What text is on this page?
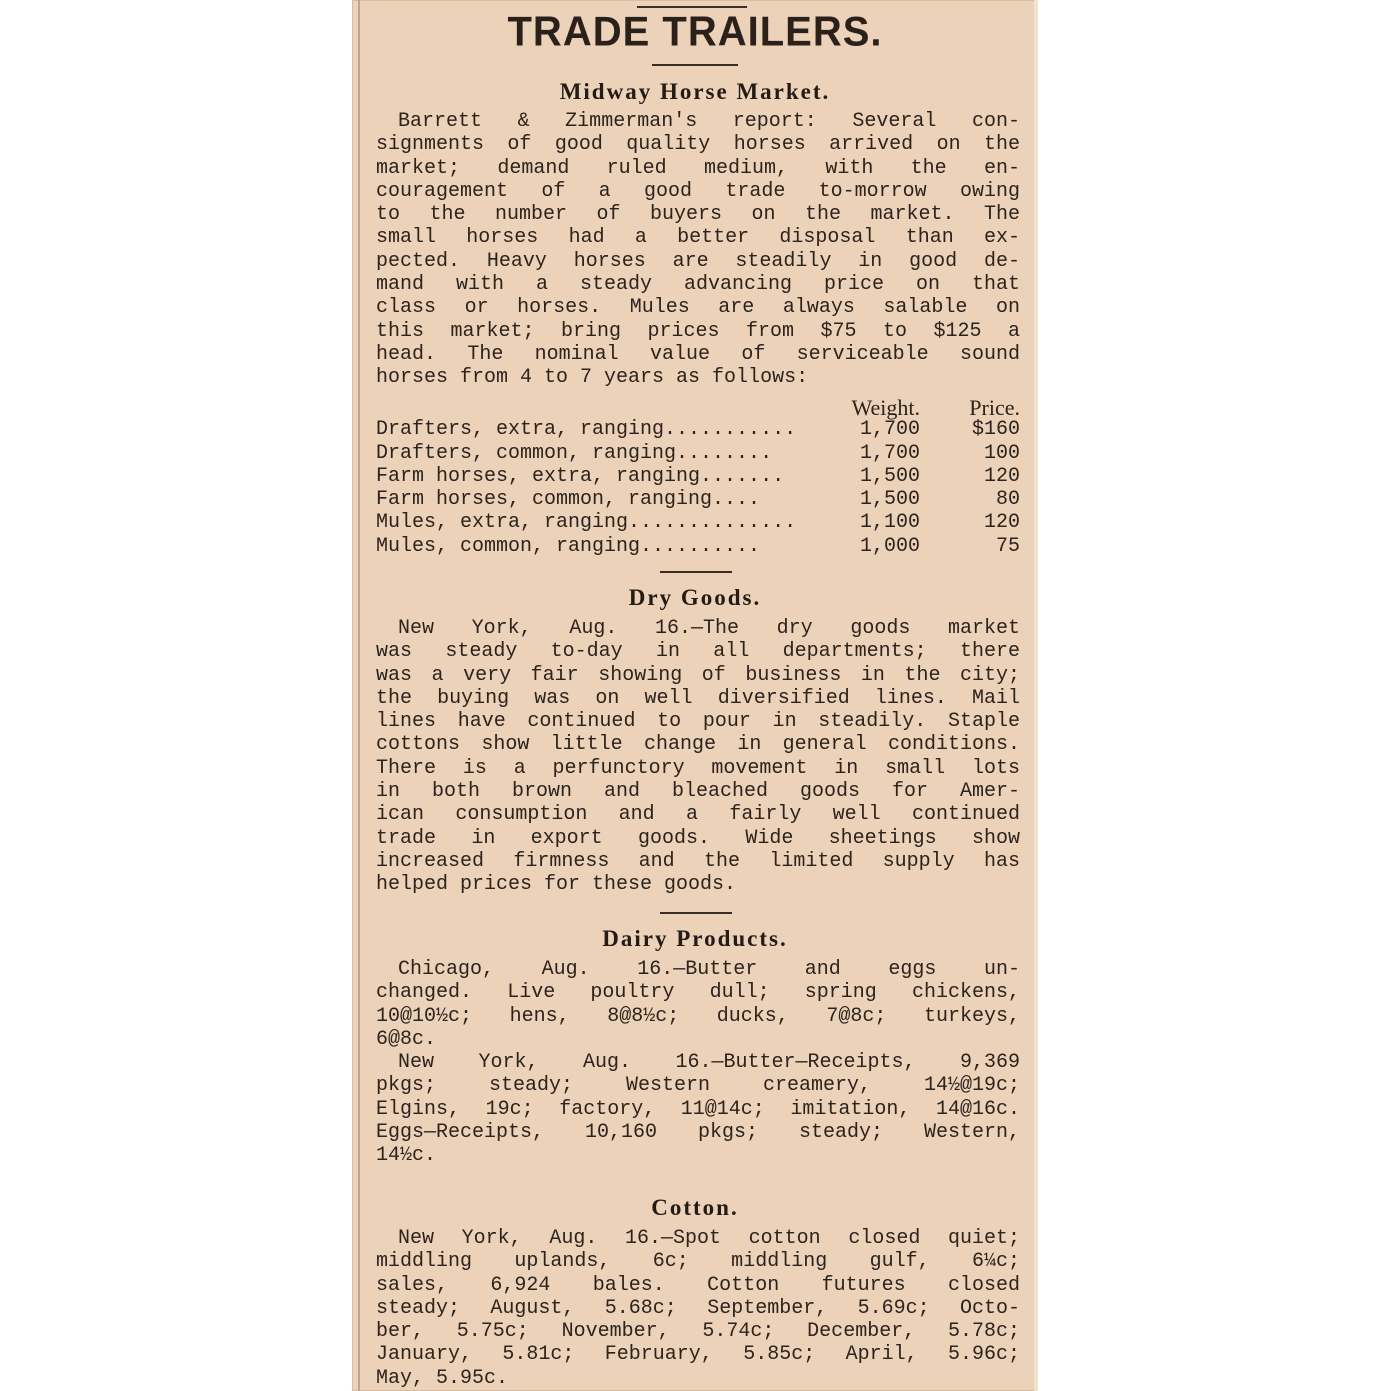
TRADE TRAILERS.
Midway Horse Market.
Barrett & Zimmerman's report: Several con-
signments of good quality horses arrived on the
market; demand ruled medium, with the en-
couragement of a good trade to-morrow owing
to the number of buyers on the market. The
small horses had a better disposal than ex-
pected. Heavy horses are steadily in good de-
mand with a steady advancing price on that
class or horses. Mules are always salable on
this market; bring prices from $75 to $125 a
head. The nominal value of serviceable sound
horses from 4 to 7 years as follows:
Weight. Price.
Drafters, extra, ranging...........	1,700	$160
Drafters, common, ranging........	1,700	100
Farm horses, extra, ranging.......	1,500	120
Farm horses, common, ranging....	1,500	80
Mules, extra, ranging..............	1,100	120
Mules, common, ranging..........	1,000	75
Dry Goods.
New York, Aug. 16.—The dry goods market
was steady to-day in all departments; there
was a very fair showing of business in the city;
the buying was on well diversified lines. Mail
lines have continued to pour in steadily. Staple
cottons show little change in general conditions.
There is a perfunctory movement in small lots
in both brown and bleached goods for Amer-
ican consumption and a fairly well continued
trade in export goods. Wide sheetings show
increased firmness and the limited supply has
helped prices for these goods.
Dairy Products.
Chicago, Aug. 16.—Butter and eggs un-
changed. Live poultry dull; spring chickens,
10@10½c; hens, 8@8½c; ducks, 7@8c; turkeys,
6@8c.
New York, Aug. 16.—Butter—Receipts, 9,369
pkgs; steady; Western creamery, 14½@19c;
Elgins, 19c; factory, 11@14c; imitation, 14@16c.
Eggs—Receipts, 10,160 pkgs; steady; Western,
14½c.
Cotton.
New York, Aug. 16.—Spot cotton closed quiet;
middling uplands, 6c; middling gulf, 6¼c;
sales, 6,924 bales. Cotton futures closed
steady; August, 5.68c; September, 5.69c; Octo-
ber, 5.75c; November, 5.74c; December, 5.78c;
January, 5.81c; February, 5.85c; April, 5.96c;
May, 5.95c.
